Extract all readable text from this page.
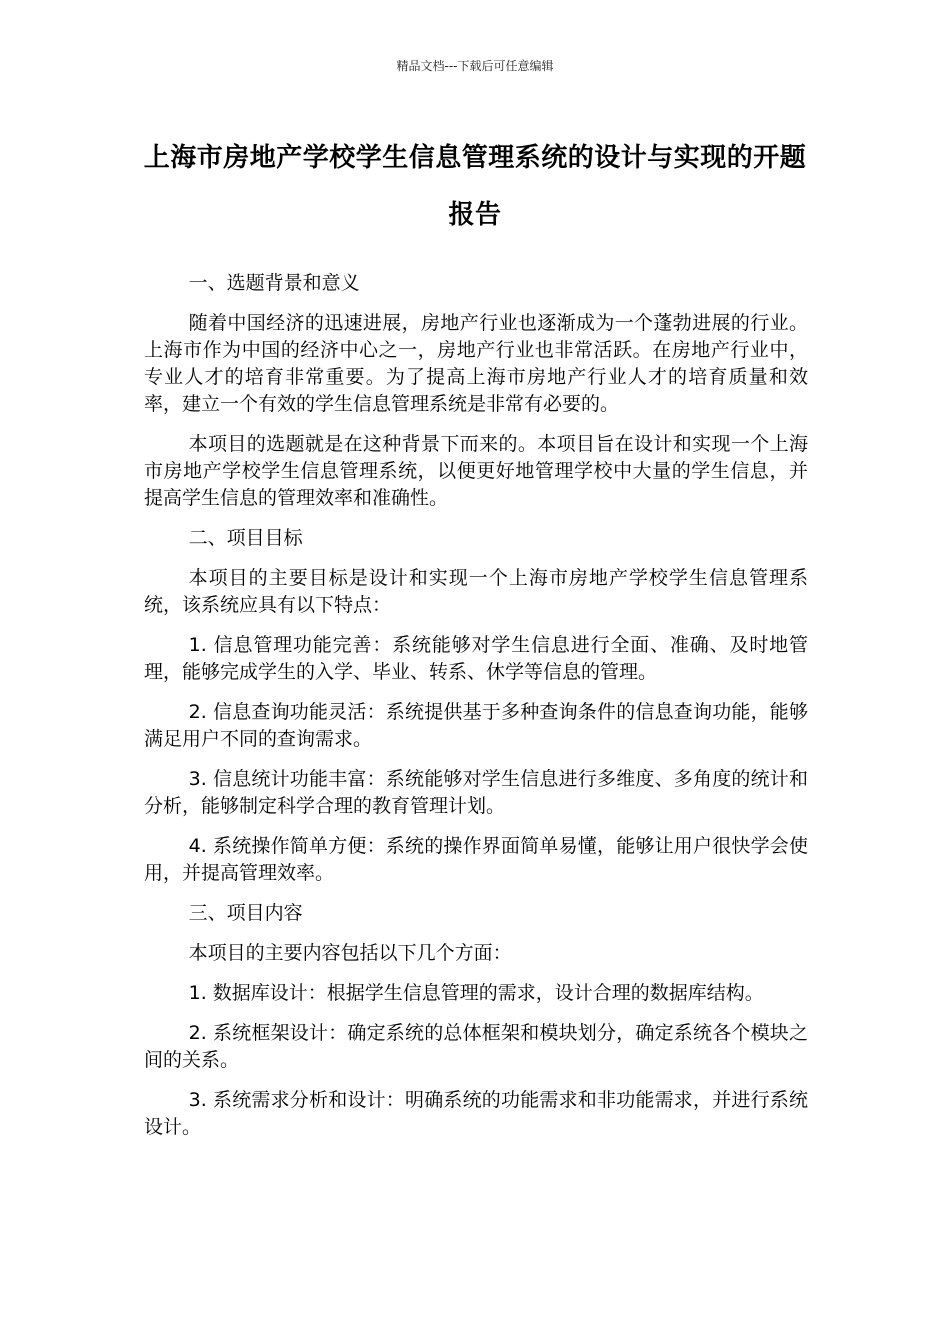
精品文档---下载后可任意编辑
上海市房地产学校学生信息管理系统的设计与实现的开题报告

一、选题背景和意义

随着中国经济的迅速进展，房地产行业也逐渐成为一个蓬勃进展的行业。上海市作为中国的经济中心之一，房地产行业也非常活跃。在房地产行业中，专业人才的培育非常重要。为了提高上海市房地产行业人才的培育质量和效率，建立一个有效的学生信息管理系统是非常有必要的。

本项目的选题就是在这种背景下而来的。本项目旨在设计和实现一个上海市房地产学校学生信息管理系统，以便更好地管理学校中大量的学生信息，并提高学生信息的管理效率和准确性。

二、项目目标

本项目的主要目标是设计和实现一个上海市房地产学校学生信息管理系统，该系统应具有以下特点：

1. 信息管理功能完善：系统能够对学生信息进行全面、准确、及时地管理，能够完成学生的入学、毕业、转系、休学等信息的管理。

2. 信息查询功能灵活：系统提供基于多种查询条件的信息查询功能，能够满足用户不同的查询需求。

3. 信息统计功能丰富：系统能够对学生信息进行多维度、多角度的统计和分析，能够制定科学合理的教育管理计划。

4. 系统操作简单方便：系统的操作界面简单易懂，能够让用户很快学会使用，并提高管理效率。

三、项目内容

本项目的主要内容包括以下几个方面：

1. 数据库设计：根据学生信息管理的需求，设计合理的数据库结构。

2. 系统框架设计：确定系统的总体框架和模块划分，确定系统各个模块之间的关系。

3. 系统需求分析和设计：明确系统的功能需求和非功能需求，并进行系统设计。
